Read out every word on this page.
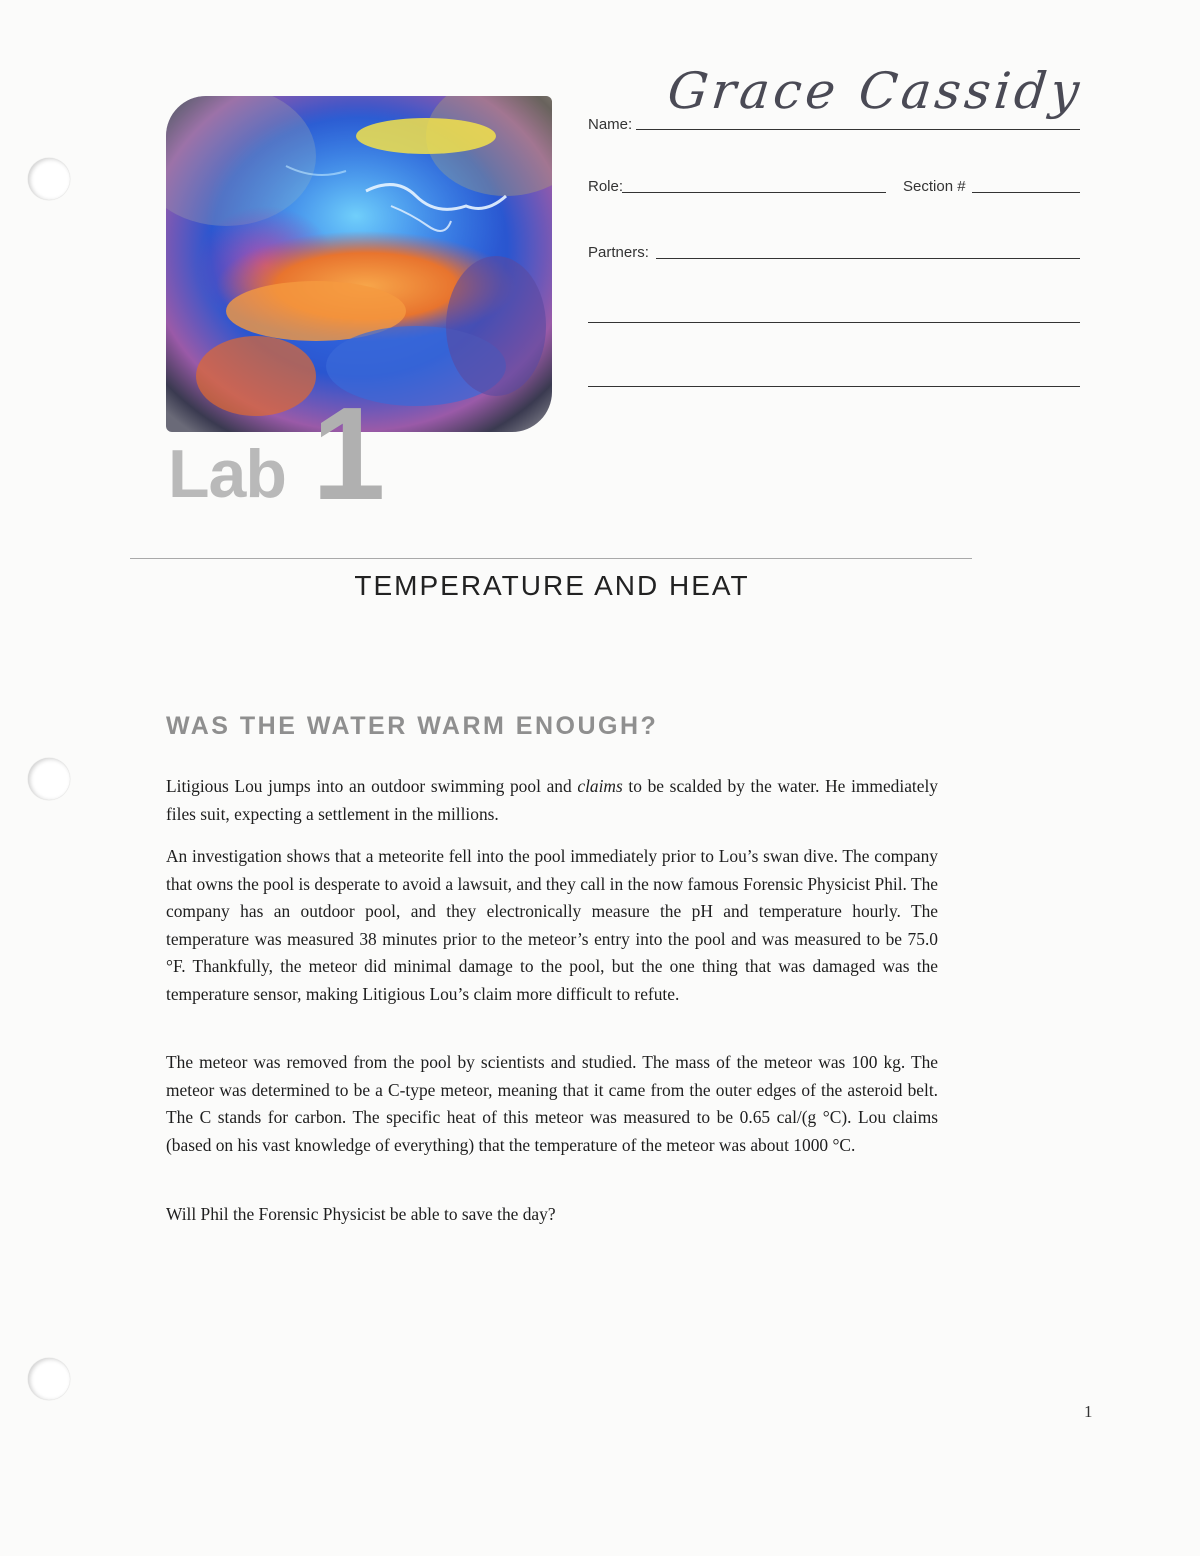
Lab 1
Name:
Grace Cassidy
Role:	Section #
Partners:
TEMPERATURE AND HEAT
WAS THE WATER WARM ENOUGH?

Litigious Lou jumps into an outdoor swimming pool and claims to be scalded by the water. He immediately files suit, expecting a settlement in the millions.

An investigation shows that a meteorite fell into the pool immediately prior to Lou’s swan dive. The company that owns the pool is desperate to avoid a lawsuit, and they call in the now famous Forensic Physicist Phil. The company has an outdoor pool, and they electronically measure the pH and temperature hourly. The temperature was measured 38 minutes prior to the meteor’s entry into the pool and was measured to be 75.0 °F. Thankfully, the meteor did minimal damage to the pool, but the one thing that was damaged was the temperature sensor, making Litigious Lou’s claim more difficult to refute.

The meteor was removed from the pool by scientists and studied. The mass of the meteor was 100 kg. The meteor was determined to be a C-type meteor, meaning that it came from the outer edges of the asteroid belt. The C stands for carbon. The specific heat of this meteor was measured to be 0.65 cal/(g °C). Lou claims (based on his vast knowledge of everything) that the temperature of the meteor was about 1000 °C.

Will Phil the Forensic Physicist be able to save the day?

1
